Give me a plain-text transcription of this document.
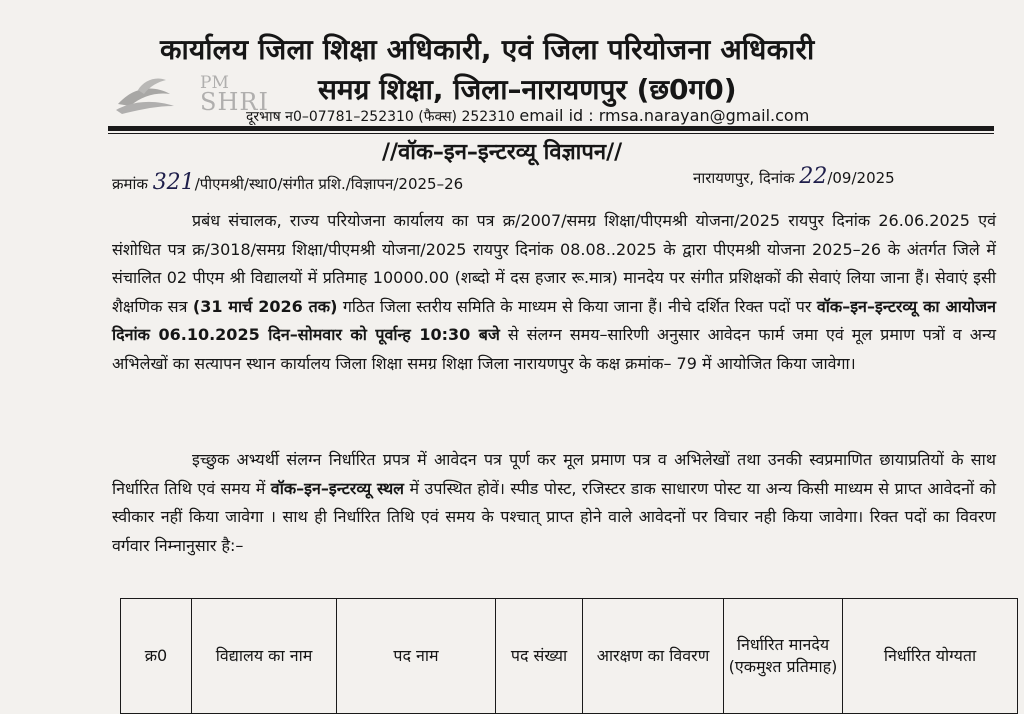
कार्यालय जिला शिक्षा अधिकारी, एवं जिला परियोजना अधिकारी
PM
SHRI समग्र शिक्षा, जिला–नारायणपुर (छ0ग0)
दूरभाष न0–07781–252310 (फैक्स) 252310 email id : rmsa.narayan@gmail.com
//वॉक–इन–इन्टरव्यू विज्ञापन//
क्रमांक 321/पीएमश्री/स्था0/संगीत प्रशि./विज्ञापन/2025–26	नारायणपुर, दिनांक 22/09/2025
प्रबंध संचालक, राज्य परियोजना कार्यालय का पत्र क्र/2007/समग्र शिक्षा/पीएमश्री योजना/2025 रायपुर दिनांक 26.06.2025 एवं संशोधित पत्र क्र/3018/समग्र शिक्षा/पीएमश्री योजना/2025 रायपुर दिनांक 08.08..2025 के द्वारा पीएमश्री योजना 2025–26 के अंतर्गत जिले में संचालित 02 पीएम श्री विद्यालयों में प्रतिमाह 10000.00 (शब्दो में दस हजार रू.मात्र) मानदेय पर संगीत प्रशिक्षकों की सेवाएं लिया जाना हैं। सेवाएं इसी शैक्षणिक सत्र (31 मार्च 2026 तक) गठित जिला स्तरीय समिति के माध्यम से किया जाना हैं। नीचे दर्शित रिक्त पदों पर वॉक–इन–इन्टरव्यू का आयोजन दिनांक 06.10.2025 दिन–सोमवार को पूर्वान्ह 10:30 बजे से संलग्न समय–सारिणी अनुसार आवेदन फार्म जमा एवं मूल प्रमाण पत्रों व अन्य अभिलेखों का सत्यापन स्थान कार्यालय जिला शिक्षा समग्र शिक्षा जिला नारायणपुर के कक्ष क्रमांक– 79 में आयोजित किया जावेगा।
इच्छुक अभ्यर्थी संलग्न निर्धारित प्रपत्र में आवेदन पत्र पूर्ण कर मूल प्रमाण पत्र व अभिलेखों तथा उनकी स्वप्रमाणित छायाप्रतियों के साथ निर्धारित तिथि एवं समय में वॉक–इन–इन्टरव्यू स्थल में उपस्थित होवें। स्पीड पोस्ट, रजिस्टर डाक साधारण पोस्ट या अन्य किसी माध्यम से प्राप्त आवेदनों को स्वीकार नहीं किया जावेगा । साथ ही निर्धारित तिथि एवं समय के पश्चात् प्राप्त होने वाले आवेदनों पर विचार नही किया जावेगा। रिक्त पदों का विवरण वर्गवार निम्नानुसार है:–
क्र0	विद्यालय का नाम	पद नाम	पद संख्या	आरक्षण का विवरण	निर्धारित मानदेय (एकमुश्त प्रतिमाह)	निर्धारित योग्यता
